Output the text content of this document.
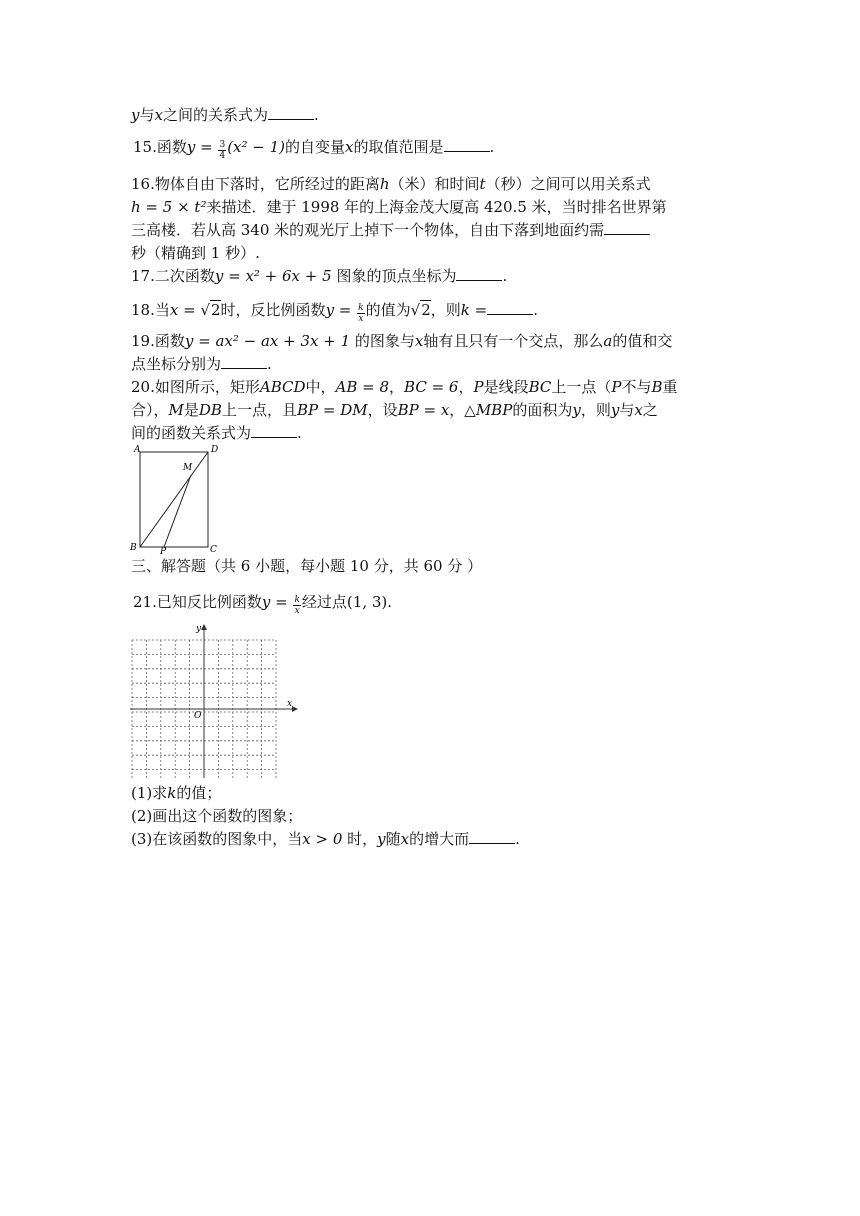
y与x之间的关系式为	.
15.函数$y = \frac{3}{4} (x^2 - 1)$的自变量x的取值范围是	.
16.物体自由下落时，它所经过的距离h（米）和时间t（秒）之间可以用关系式
h = 5 × t²来描述．建于 1998 年的上海金茂大厦高 420.5 米，当时排名世界第
三高楼．若从高 340 米的观光厅上掉下一个物体，自由下落到地面约需
秒（精确到 1 秒）.
17.二次函数y = x² + 6x + 5 图象的顶点坐标为	.
18.当x = √2时，反比例函数$y = \frac{k}{x}$ 的值为√2，则k =	.
19.函数y = ax² − ax + 3x + 1 的图象与x轴有且只有一个交点，那么a的值和交
点坐标分别为	.
20.如图所示，矩形ABCD中，AB = 8，BC = 6，P是线段BC上一点（P不与B重
合），M是DB上一点，且BP = DM，设BP = x，△MBP的面积为y，则y与x之
间的函数关系式为	.
A	D
M
B	P	C
三、解答题（共 6 小题，每小题 10 分，共 60 分 ）
21.已知反比例函数$y = \frac{k}{x}$ 经过点(1, 3).
y
x
O
(1)求k的值；
(2)画出这个函数的图象；
(3)在该函数的图象中，当x > 0 时，y随x的增大而	.
